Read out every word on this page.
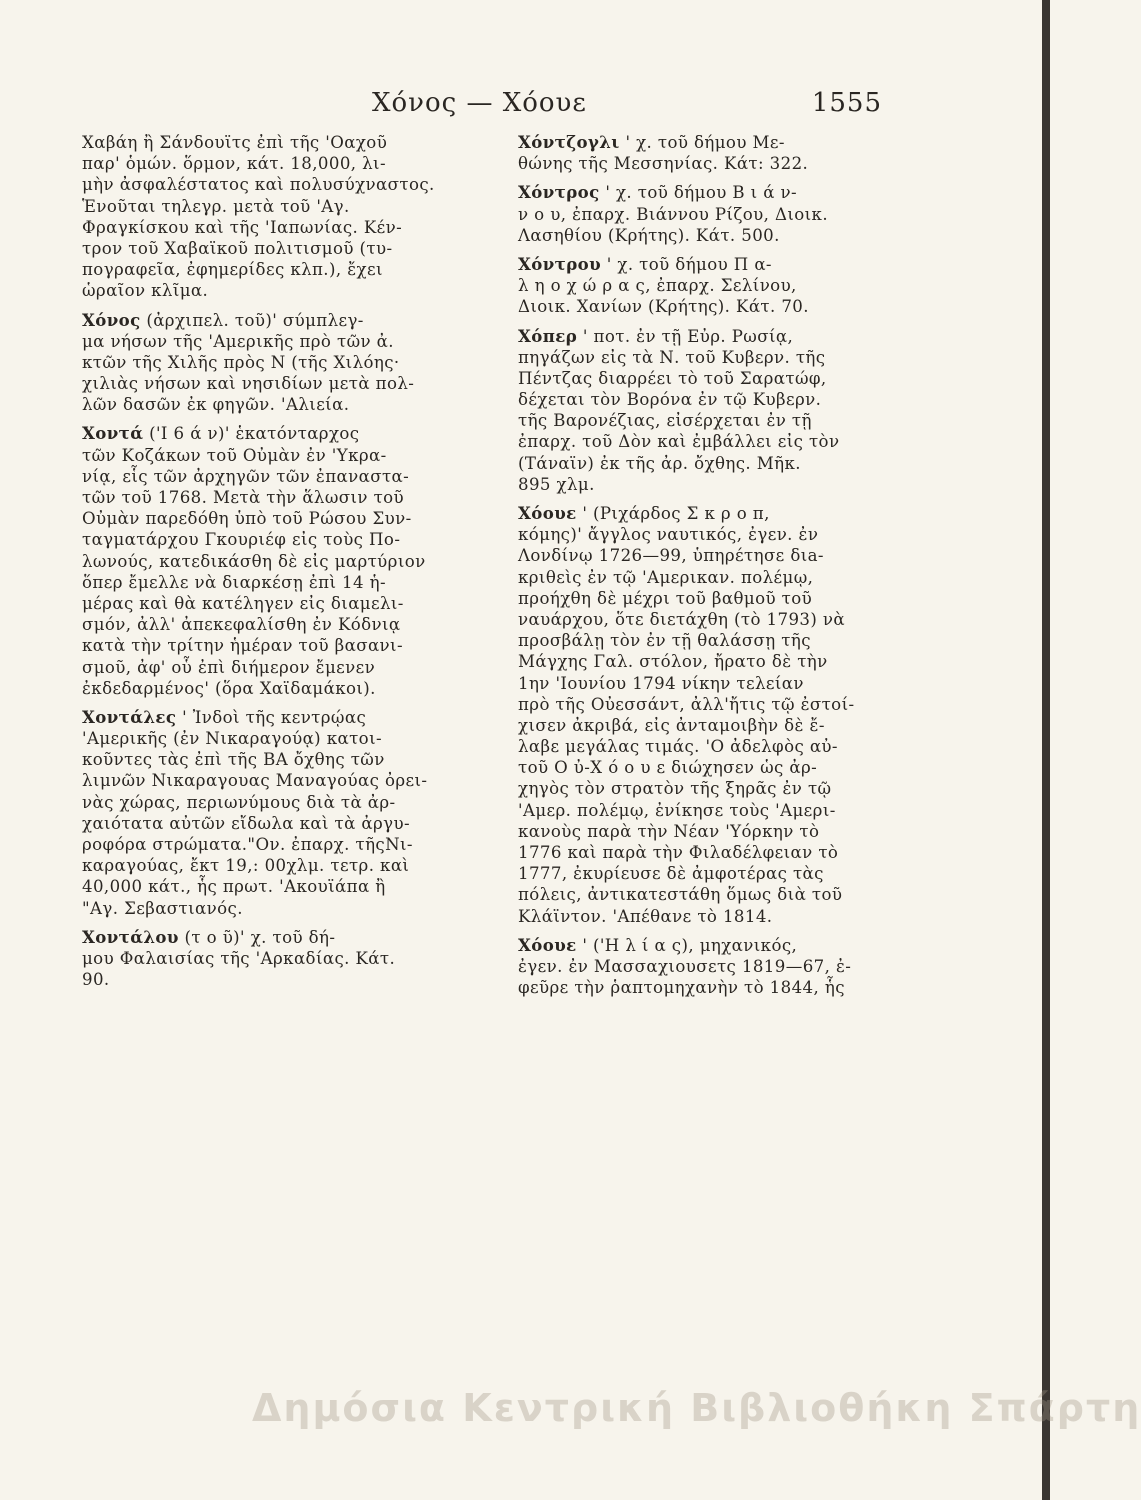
Χόνος — Χόουε	1555
Χαβάη ἢ Σάνδουϊτς ἐπὶ τῆς 'Οαχοῦ
παρ' ὁμών. ὅρμον, κάτ. 18,000, λι-
μὴν ἀσφαλέστατος καὶ πολυσύχναστος.
Ἑνοῦται τηλεγρ. μετὰ τοῦ 'Αγ.
Φραγκίσκου καὶ τῆς 'Ιαπωνίας. Κέν-
τρον τοῦ Χαβαϊκοῦ πολιτισμοῦ (τυ-
πογραφεῖα, ἐφημερίδες κλπ.), ἔχει
ὡραῖον κλῖμα.
Χόνος (ἀρχιπελ. τοῦ)' σύμπλεγ-
μα νήσων τῆς 'Αμερικῆς πρὸ τῶν ἀ.
κτῶν τῆς Χιλῆς πρὸς Ν (τῆς Χιλόης·
χιλιὰς νήσων καὶ νησιδίων μετὰ πολ-
λῶν δασῶν ἐκ φηγῶν. 'Αλιεία.
Χοντά ('Ι 6 ά ν)' ἑκατόνταρχος
τῶν Κοζάκων τοῦ Οὐμὰν ἐν 'Υκρα-
νίᾳ, εἷς τῶν ἀρχηγῶν τῶν ἐπαναστα-
τῶν τοῦ 1768. Μετὰ τὴν ἅλωσιν τοῦ
Οὐμὰν παρεδόθη ὑπὸ τοῦ Ρώσου Συν-
ταγματάρχου Γκουριέφ εἰς τοὺς Πο-
λωνούς, κατεδικάσθη δὲ εἰς μαρτύριον
ὅπερ ἔμελλε νὰ διαρκέσῃ ἐπὶ 14 ἡ-
μέρας καὶ θὰ κατέληγεν εἰς διαμελι-
σμόν, ἀλλ' ἀπεκεφαλίσθη ἐν Κόδνιᾳ
κατὰ τὴν τρίτην ἡμέραν τοῦ βασανι-
σμοῦ, ἀφ' οὗ ἐπὶ διήμερον ἔμενεν
ἐκδεδαρμένος' (ὅρα Χαϊδαμάκοι).
Χοντάλες ' Ἰνδοὶ τῆς κεντρῴας
'Αμερικῆς (ἐν Νικαραγούᾳ) κατοι-
κοῦντες τὰς ἐπὶ τῆς ΒΑ ὄχθης τῶν
λιμνῶν Νικαραγουας Μαναγούας ὀρει-
νὰς χώρας, περιωνύμους διὰ τὰ ἀρ-
χαιότατα αὐτῶν εἴδωλα καὶ τὰ ἀργυ-
ροφόρα στρώματα."Ον. ἐπαρχ. τῆςΝι-
καραγούας, ἔκτ 19,: 00χλμ. τετρ. καὶ
40,000 κάτ., ἧς πρωτ. 'Ακουϊάπα ἢ
"Αγ. Σεβαστιανός.
Χοντάλου (τ ο ῦ)' χ. τοῦ δή-
μου Φαλαισίας τῆς 'Αρκαδίας. Κάτ.
90.
Χόντζογλι ' χ. τοῦ δήμου Με-
θώνης τῆς Μεσσηνίας. Κάτ: 322.
Χόντρος ' χ. τοῦ δήμου Β ι ά ν-
ν ο υ, ἐπαρχ. Βιάννου Ρίζου, Διοικ.
Λασηθίου (Κρήτης). Κάτ. 500.
Χόντρου ' χ. τοῦ δήμου Π α-
λ η ο χ ώ ρ α ς, ἐπαρχ. Σελίνου,
Διοικ. Χανίων (Κρήτης). Κάτ. 70.
Χόπερ ' ποτ. ἐν τῇ Εὐρ. Ρωσίᾳ,
πηγάζων εἰς τὰ Ν. τοῦ Κυβερν. τῆς
Πέντζας διαρρέει τὸ τοῦ Σαρατώφ,
δέχεται τὸν Βορόνα ἐν τῷ Κυβερν.
τῆς Βαρονέζιας, εἰσέρχεται ἐν τῇ
ἐπαρχ. τοῦ Δὸν καὶ ἐμβάλλει εἰς τὸν
(Τάναϊν) ἐκ τῆς ἀρ. ὄχθης. Μῆκ.
895 χλμ.
Χόουε ' (Ριχάρδος Σ κ ρ ο π,
κόμης)' ἄγγλος ναυτικός, ἐγεν. ἐν
Λονδίνῳ 1726—99, ὑπηρέτησε διa-
κριθεὶς ἐν τῷ 'Αμερικαν. πολέμῳ,
προήχθη δὲ μέχρι τοῦ βαθμοῦ τοῦ
ναυάρχου, ὅτε διετάχθη (τὸ 1793) νὰ
προσβάλῃ τὸν ἐν τῇ θαλάσσῃ τῆς
Μάγχης Γαλ. στόλον, ἤρατο δὲ τὴν
1ην 'Ιουνίου 1794 νίκην τελείαν
πρὸ τῆς Οὐεσσάντ, ἀλλ'ἤτις τῷ ἐστοί-
χισεν ἀκριβά, εἰς ἀνταμοιβὴν δὲ ἔ-
λαβε μεγάλας τιμάς. 'Ο ἀδελφὸς αὐ-
τοῦ Ο ὐ-Χ ό ο υ ε διώχησεν ὡς ἀρ-
χηγὸς τὸν στρατὸν τῆς ξηρᾶς ἐν τῷ
'Αμερ. πολέμῳ, ἐνίκησε τοὺς 'Αμερι-
κανοὺς παρὰ τὴν Νέαν 'Υόρκην τὸ
1776 καὶ παρὰ τὴν Φιλαδέλφειαν τὸ
1777, ἐκυρίευσε δὲ ἀμφοτέρας τὰς
πόλεις, ἀντικατεστάθη ὅμως διὰ τοῦ
Κλάϊντον. 'Απέθανε τὸ 1814.
Χόουε ' ('Η λ ί α ς), μηχανικός,
ἐγεν. ἐν Μασσαχιουσετς 1819—67, ἐ-
φεῦρε τὴν ῥαπτομηχανὴν τὸ 1844, ἧς
Δημόσια Κεντρική Βιβλιοθήκη Σπάρτη
